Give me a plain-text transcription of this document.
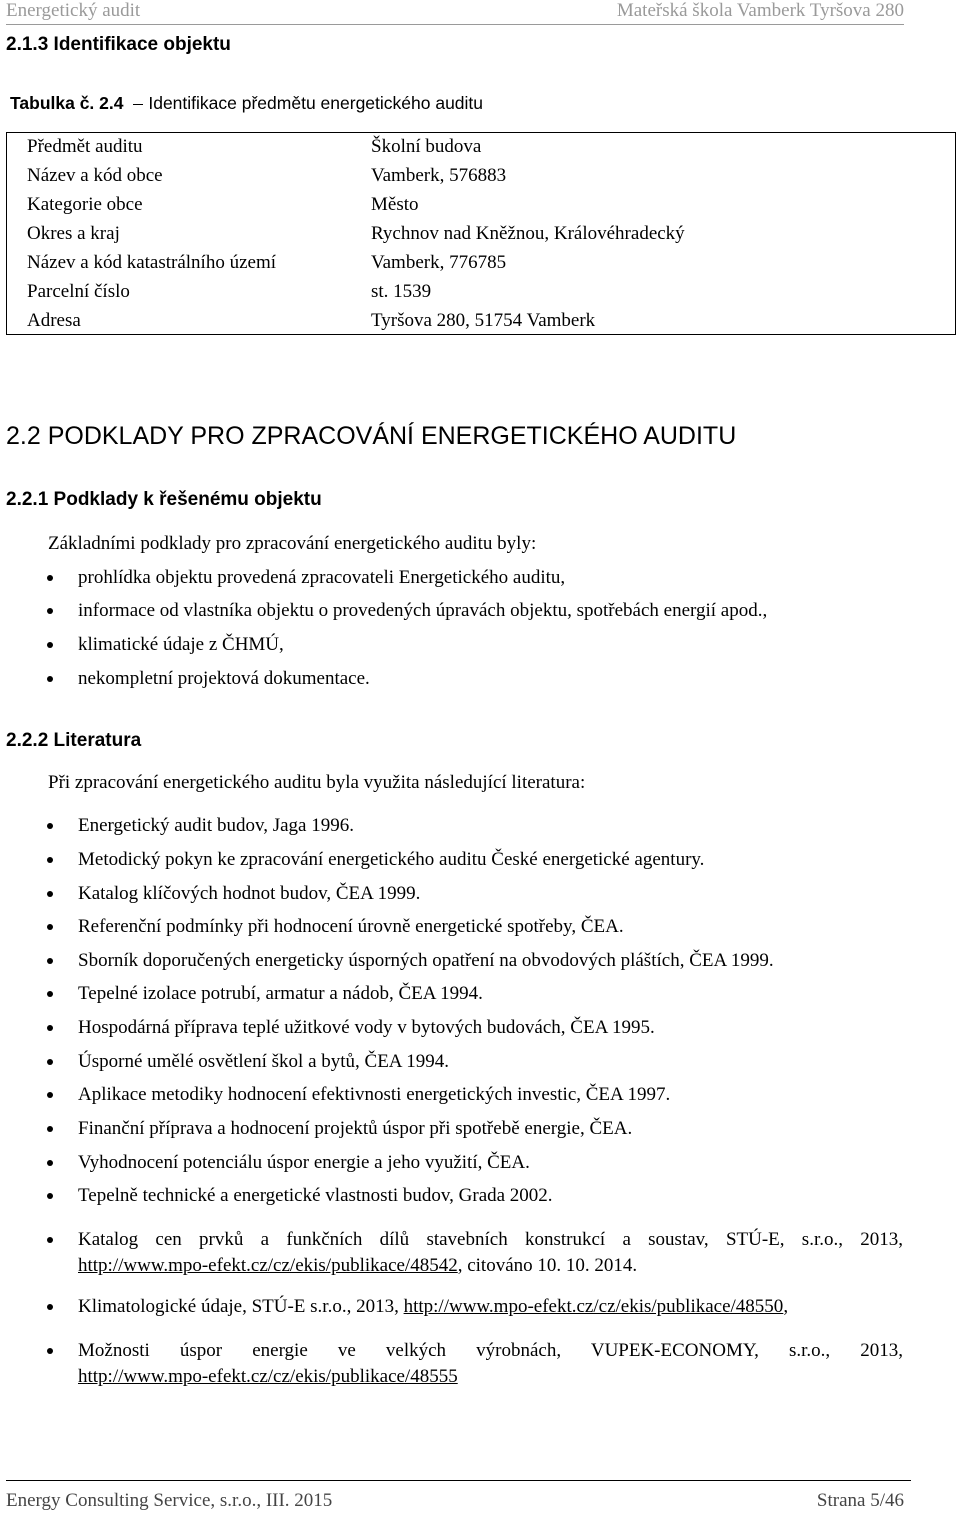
Energetický audit	Mateřská škola Vamberk Tyršova 280
2.1.3 Identifikace objektu
Tabulka č. 2.4 Identifikace předmětu energetického auditu
Předmět auditu	Školní budova
Název a kód obce	Vamberk, 576883
Kategorie obce	Město
Okres a kraj	Rychnov nad Kněžnou, Královéhradecký
Název a kód katastrálního území	Vamberk, 776785
Parcelní číslo	st. 1539
Adresa	Tyršova 280, 51754 Vamberk
2.2 PODKLADY PRO ZPRACOVÁNÍ ENERGETICKÉHO AUDITU
2.2.1 Podklady k řešenému objektu
Základními podklady pro zpracování energetického auditu byly:
prohlídka objektu provedená zpracovateli Energetického auditu,
informace od vlastníka objektu o provedených úpravách objektu, spotřebách energií apod.,
klimatické údaje z ČHMÚ,
nekompletní projektová dokumentace.
2.2.2 Literatura
Při zpracování energetického auditu byla využita následující literatura:
Energetický audit budov, Jaga 1996.
Metodický pokyn ke zpracování energetického auditu České energetické agentury.
Katalog klíčových hodnot budov, ČEA 1999.
Referenční podmínky při hodnocení úrovně energetické spotřeby, ČEA.
Sborník doporučených energeticky úsporných opatření na obvodových pláštích, ČEA 1999.
Tepelné izolace potrubí, armatur a nádob, ČEA 1994.
Hospodárná příprava teplé užitkové vody v bytových budovách, ČEA 1995.
Úsporné umělé osvětlení škol a bytů, ČEA 1994.
Aplikace metodiky hodnocení efektivnosti energetických investic, ČEA 1997.
Finanční příprava a hodnocení projektů úspor při spotřebě energie, ČEA.
Vyhodnocení potenciálu úspor energie a jeho využití, ČEA.
Tepelně technické a energetické vlastnosti budov, Grada 2002.
Katalog cen prvků a funkčních dílů stavebních konstrukcí a soustav, STÚ-E, s.r.o., 2013,
http://www.mpo-efekt.cz/cz/ekis/publikace/48542, citováno 10. 10. 2014.
Klimatologické údaje, STÚ-E s.r.o., 2013, http://www.mpo-efekt.cz/cz/ekis/publikace/48550,
Možnosti úspor energie ve velkých výrobnách, VUPEK-ECONOMY, s.r.o., 2013,
http://www.mpo-efekt.cz/cz/ekis/publikace/48555
Energy Consulting Service, s.r.o., III. 2015	Strana 5/46
